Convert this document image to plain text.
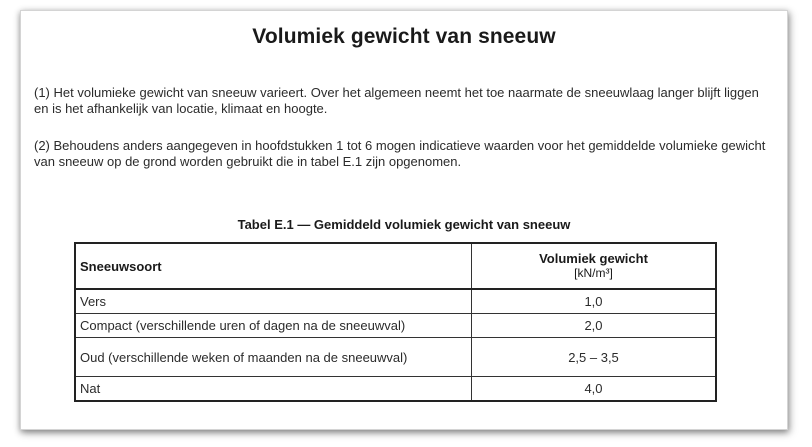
Volumiek gewicht van sneeuw

(1) Het volumieke gewicht van sneeuw varieert. Over het algemeen neemt het toe naarmate de sneeuwlaag langer blijft liggen en is het afhankelijk van locatie, klimaat en hoogte.

(2) Behoudens anders aangegeven in hoofdstukken 1 tot 6 mogen indicatieve waarden voor het gemiddelde volumieke gewicht van sneeuw op de grond worden gebruikt die in tabel E.1 zijn opgenomen.

Tabel E.1 — Gemiddeld volumiek gewicht van sneeuw
Sneeuwsoort	Volumiek gewicht
[kN/m³]

Vers	1,0
Compact (verschillende uren of dagen na de sneeuwval)	2,0
Oud (verschillende weken of maanden na de sneeuwval)	2,5 – 3,5
Nat	4,0
